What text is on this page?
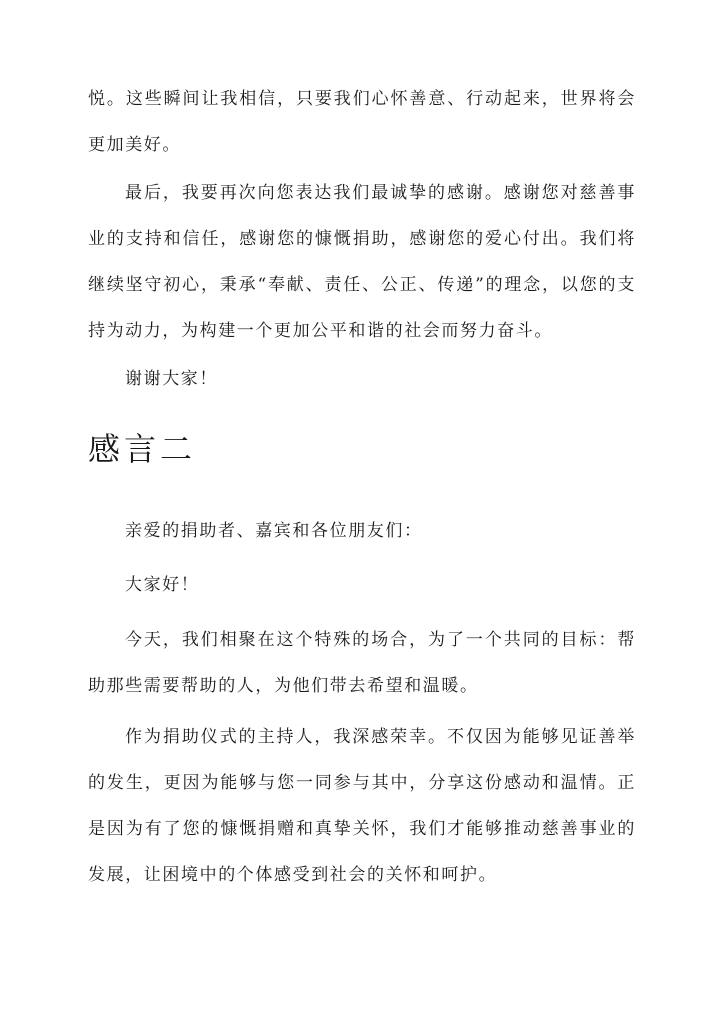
悦。这些瞬间让我相信，只要我们心怀善意、行动起来，世界将会更加美好。

最后，我要再次向您表达我们最诚挚的感谢。感谢您对慈善事业的支持和信任，感谢您的慷慨捐助，感谢您的爱心付出。我们将继续坚守初心，秉承“奉献、责任、公正、传递”的理念，以您的支持为动力，为构建一个更加公平和谐的社会而努力奋斗。

谢谢大家！

感言二

亲爱的捐助者、嘉宾和各位朋友们：

大家好！

今天，我们相聚在这个特殊的场合，为了一个共同的目标：帮助那些需要帮助的人，为他们带去希望和温暖。

作为捐助仪式的主持人，我深感荣幸。不仅因为能够见证善举的发生，更因为能够与您一同参与其中，分享这份感动和温情。正是因为有了您的慷慨捐赠和真挚关怀，我们才能够推动慈善事业的发展，让困境中的个体感受到社会的关怀和呵护。
